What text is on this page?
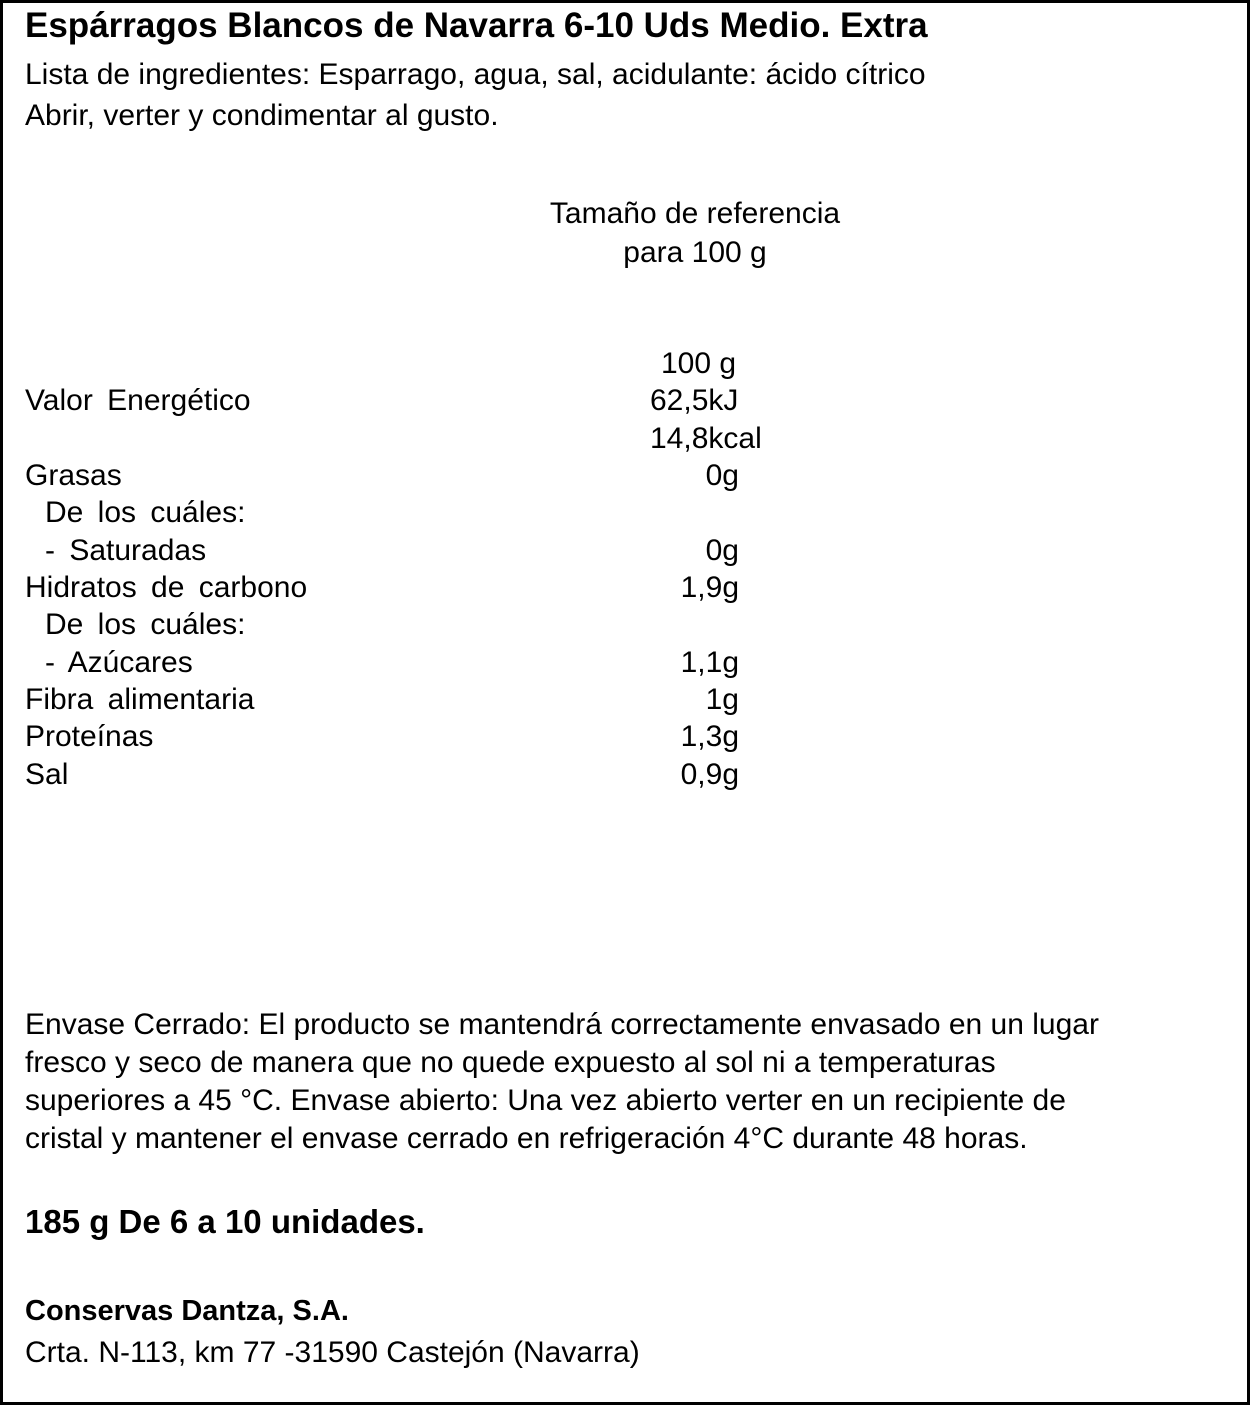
Espárragos Blancos de Navarra 6-10 Uds Medio. Extra
Lista de ingredientes: Esparrago, agua, sal, acidulante: ácido cítrico
Abrir, verter y condimentar al gusto.
Tamaño de referencia
para 100 g
100 g
Valor Energético	62,5kJ
14,8kcal
Grasas	0g
De los cuáles:
- Saturadas	0g
Hidratos de carbono	1,9g
De los cuáles:
- Azúcares	1,1g
Fibra alimentaria	1g
Proteínas	1,3g
Sal	0,9g
Envase Cerrado: El producto se mantendrá correctamente envasado en un lugar
fresco y seco de manera que no quede expuesto al sol ni a temperaturas
superiores a 45 °C. Envase abierto: Una vez abierto verter en un recipiente de
cristal y mantener el envase cerrado en refrigeración 4°C durante 48 horas.
185 g De 6 a 10 unidades.
Conservas Dantza, S.A.
Crta. N-113, km 77 -31590 Castejón (Navarra)
